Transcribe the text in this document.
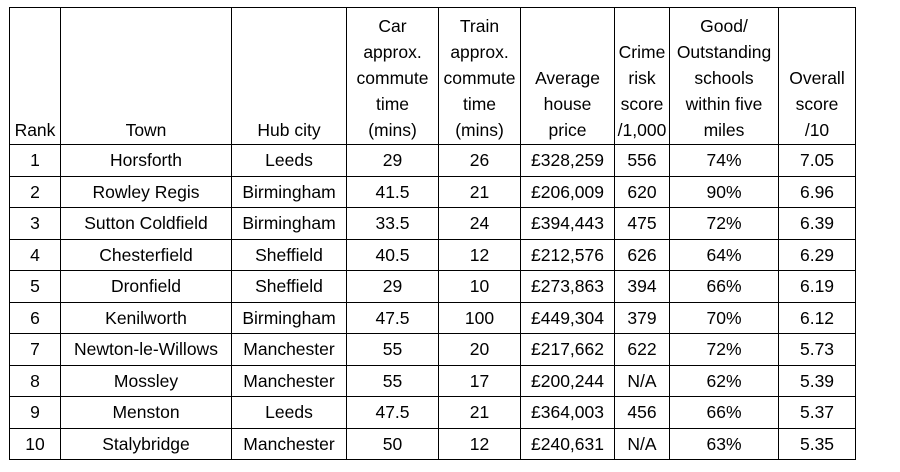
Rank	Town	Hub city	Car
approx.
commute
time
(mins)	Train
approx.
commute
time
(mins)	Average
house
price	Crime
risk
score
/1,000	Good/
Outstanding
schools
within five
miles	Overall
score
/10
1	Horsforth	Leeds	29	26	£328,259	556	74%	7.05
2	Rowley Regis	Birmingham	41.5	21	£206,009	620	90%	6.96
3	Sutton Coldfield	Birmingham	33.5	24	£394,443	475	72%	6.39
4	Chesterfield	Sheffield	40.5	12	£212,576	626	64%	6.29
5	Dronfield	Sheffield	29	10	£273,863	394	66%	6.19
6	Kenilworth	Birmingham	47.5	100	£449,304	379	70%	6.12
7	Newton-le-Willows	Manchester	55	20	£217,662	622	72%	5.73
8	Mossley	Manchester	55	17	£200,244	N/A	62%	5.39
9	Menston	Leeds	47.5	21	£364,003	456	66%	5.37
10	Stalybridge	Manchester	50	12	£240,631	N/A	63%	5.35
